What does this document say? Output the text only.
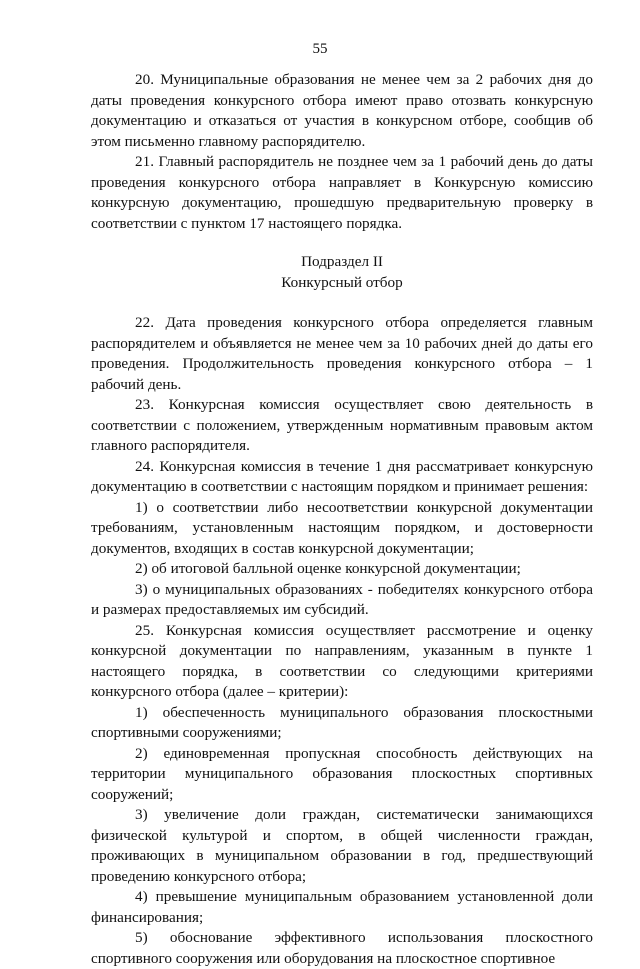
55

20. Муниципальные образования не менее чем за 2 рабочих дня до даты проведения конкурсного отбора имеют право отозвать конкурсную документацию и отказаться от участия в конкурсном отборе, сообщив об этом письменно главному распорядителю.

21. Главный распорядитель не позднее чем за 1 рабочий день до даты проведения конкурсного отбора направляет в Конкурсную комиссию конкурсную документацию, прошедшую предварительную проверку в соответствии с пунктом 17 настоящего порядка.

Подраздел II

Конкурсный отбор

22. Дата проведения конкурсного отбора определяется главным распорядителем и объявляется не менее чем за 10 рабочих дней до даты его проведения. Продолжительность проведения конкурсного отбора – 1 рабочий день.

23. Конкурсная комиссия осуществляет свою деятельность в соответствии с положением, утвержденным нормативным правовым актом главного распорядителя.

24. Конкурсная комиссия в течение 1 дня рассматривает конкурсную документацию в соответствии с настоящим порядком и принимает решения:

1) о соответствии либо несоответствии конкурсной документации требованиям, установленным настоящим порядком, и достоверности документов, входящих в состав конкурсной документации;

2) об итоговой балльной оценке конкурсной документации;

3) о муниципальных образованиях - победителях конкурсного отбора и размерах предоставляемых им субсидий.

25. Конкурсная комиссия осуществляет рассмотрение и оценку конкурсной документации по направлениям, указанным в пункте 1 настоящего порядка, в соответствии со следующими критериями конкурсного отбора (далее – критерии):

1) обеспеченность муниципального образования плоскостными спортивными сооружениями;

2) единовременная пропускная способность действующих на территории муниципального образования плоскостных спортивных сооружений;

3) увеличение доли граждан, систематически занимающихся физической культурой и спортом, в общей численности граждан, проживающих в муниципальном образовании в год, предшествующий проведению конкурсного отбора;

4) превышение муниципальным образованием установленной доли финансирования;

5) обоснование эффективного использования плоскостного спортивного сооружения или оборудования на плоскостное спортивное
